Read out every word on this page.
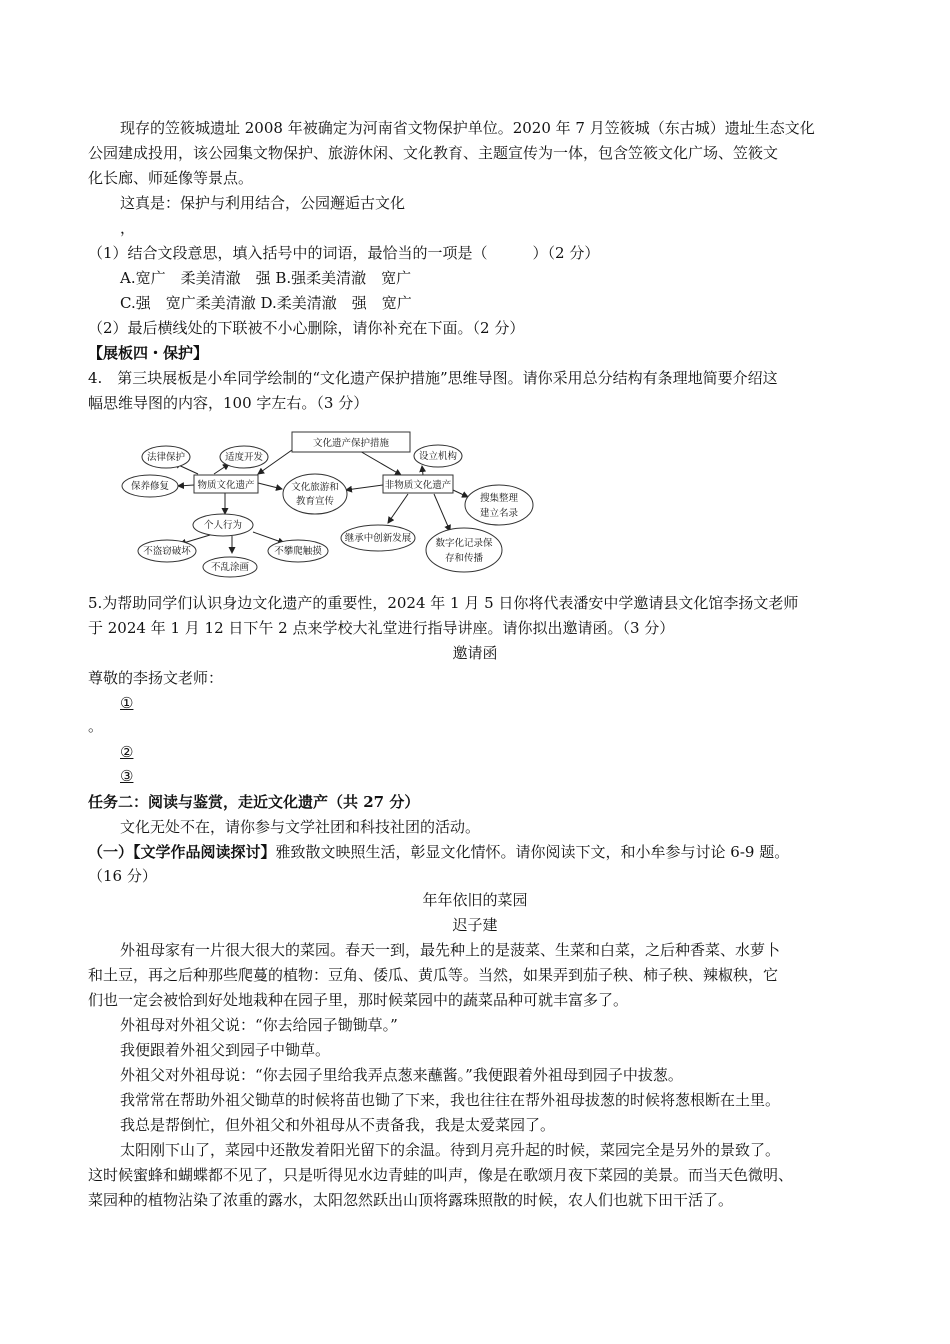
现存的笠筱城遗址 2008 年被确定为河南省文物保护单位。2020 年 7 月笠筱城（东古城）遗址生态文化
公园建成投用，该公园集文物保护、旅游休闲、文化教育、主题宣传为一体，包含笠筱文化广场、笠筱文
化长廊、师延像等景点。
这真是：保护与利用结合，公园邂逅古文化
，
（1）结合文段意思，填入括号中的词语，最恰当的一项是（　　　）（2 分）
A.宽广　柔美清澈　强 B.强柔美清澈　宽广
C.强　宽广柔美清澈 D.柔美清澈　强　宽广
（2）最后横线处的下联被不小心删除，请你补充在下面。（2 分）
【展板四・保护】
4.　第三块展板是小牟同学绘制的“文化遗产保护措施”思维导图。请你采用总分结构有条理地简要介绍这
幅思维导图的内容，100 字左右。（3 分）
文化遗产保护措施
物质文化遗产	非物质文化遗产
文化旅游和
教育宣传
法律保护	适度开发
保养修复
设立机构
搜集整理
建立名录
个人行为
不盗窃破坏	不攀爬触摸
不乱涂画
继承中创新发展	数字化记录保
存和传播
5.为帮助同学们认识身边文化遗产的重要性，2024 年 1 月 5 日你将代表潘安中学邀请县文化馆李扬文老师
于 2024 年 1 月 12 日下午 2 点来学校大礼堂进行指导讲座。请你拟出邀请函。（3 分）
邀请函
尊敬的李扬文老师：
①
。
②
③
任务二：阅读与鉴赏，走近文化遗产（共 27 分）
文化无处不在，请你参与文学社团和科技社团的活动。
（一）【文学作品阅读探讨】雅致散文映照生活，彰显文化情怀。请你阅读下文，和小牟参与讨论 6-9 题。
（16 分）
年年依旧的菜园
迟子建
外祖母家有一片很大很大的菜园。春天一到，最先种上的是菠菜、生菜和白菜，之后种香菜、水萝卜
和土豆，再之后种那些爬蔓的植物：豆角、倭瓜、黄瓜等。当然，如果弄到茄子秧、柿子秧、辣椒秧，它
们也一定会被恰到好处地栽种在园子里，那时候菜园中的蔬菜品种可就丰富多了。
外祖母对外祖父说：“你去给园子锄锄草。”
我便跟着外祖父到园子中锄草。
外祖父对外祖母说：“你去园子里给我弄点葱来蘸酱。”我便跟着外祖母到园子中拔葱。
我常常在帮助外祖父锄草的时候将苗也锄了下来，我也往往在帮外祖母拔葱的时候将葱根断在土里。
我总是帮倒忙，但外祖父和外祖母从不责备我，我是太爱菜园了。
太阳刚下山了，菜园中还散发着阳光留下的余温。待到月亮升起的时候，菜园完全是另外的景致了。
这时候蜜蜂和蝴蝶都不见了，只是听得见水边青蛙的叫声，像是在歌颂月夜下菜园的美景。而当天色微明、
菜园种的植物沾染了浓重的露水，太阳忽然跃出山顶将露珠照散的时候，农人们也就下田干活了。
